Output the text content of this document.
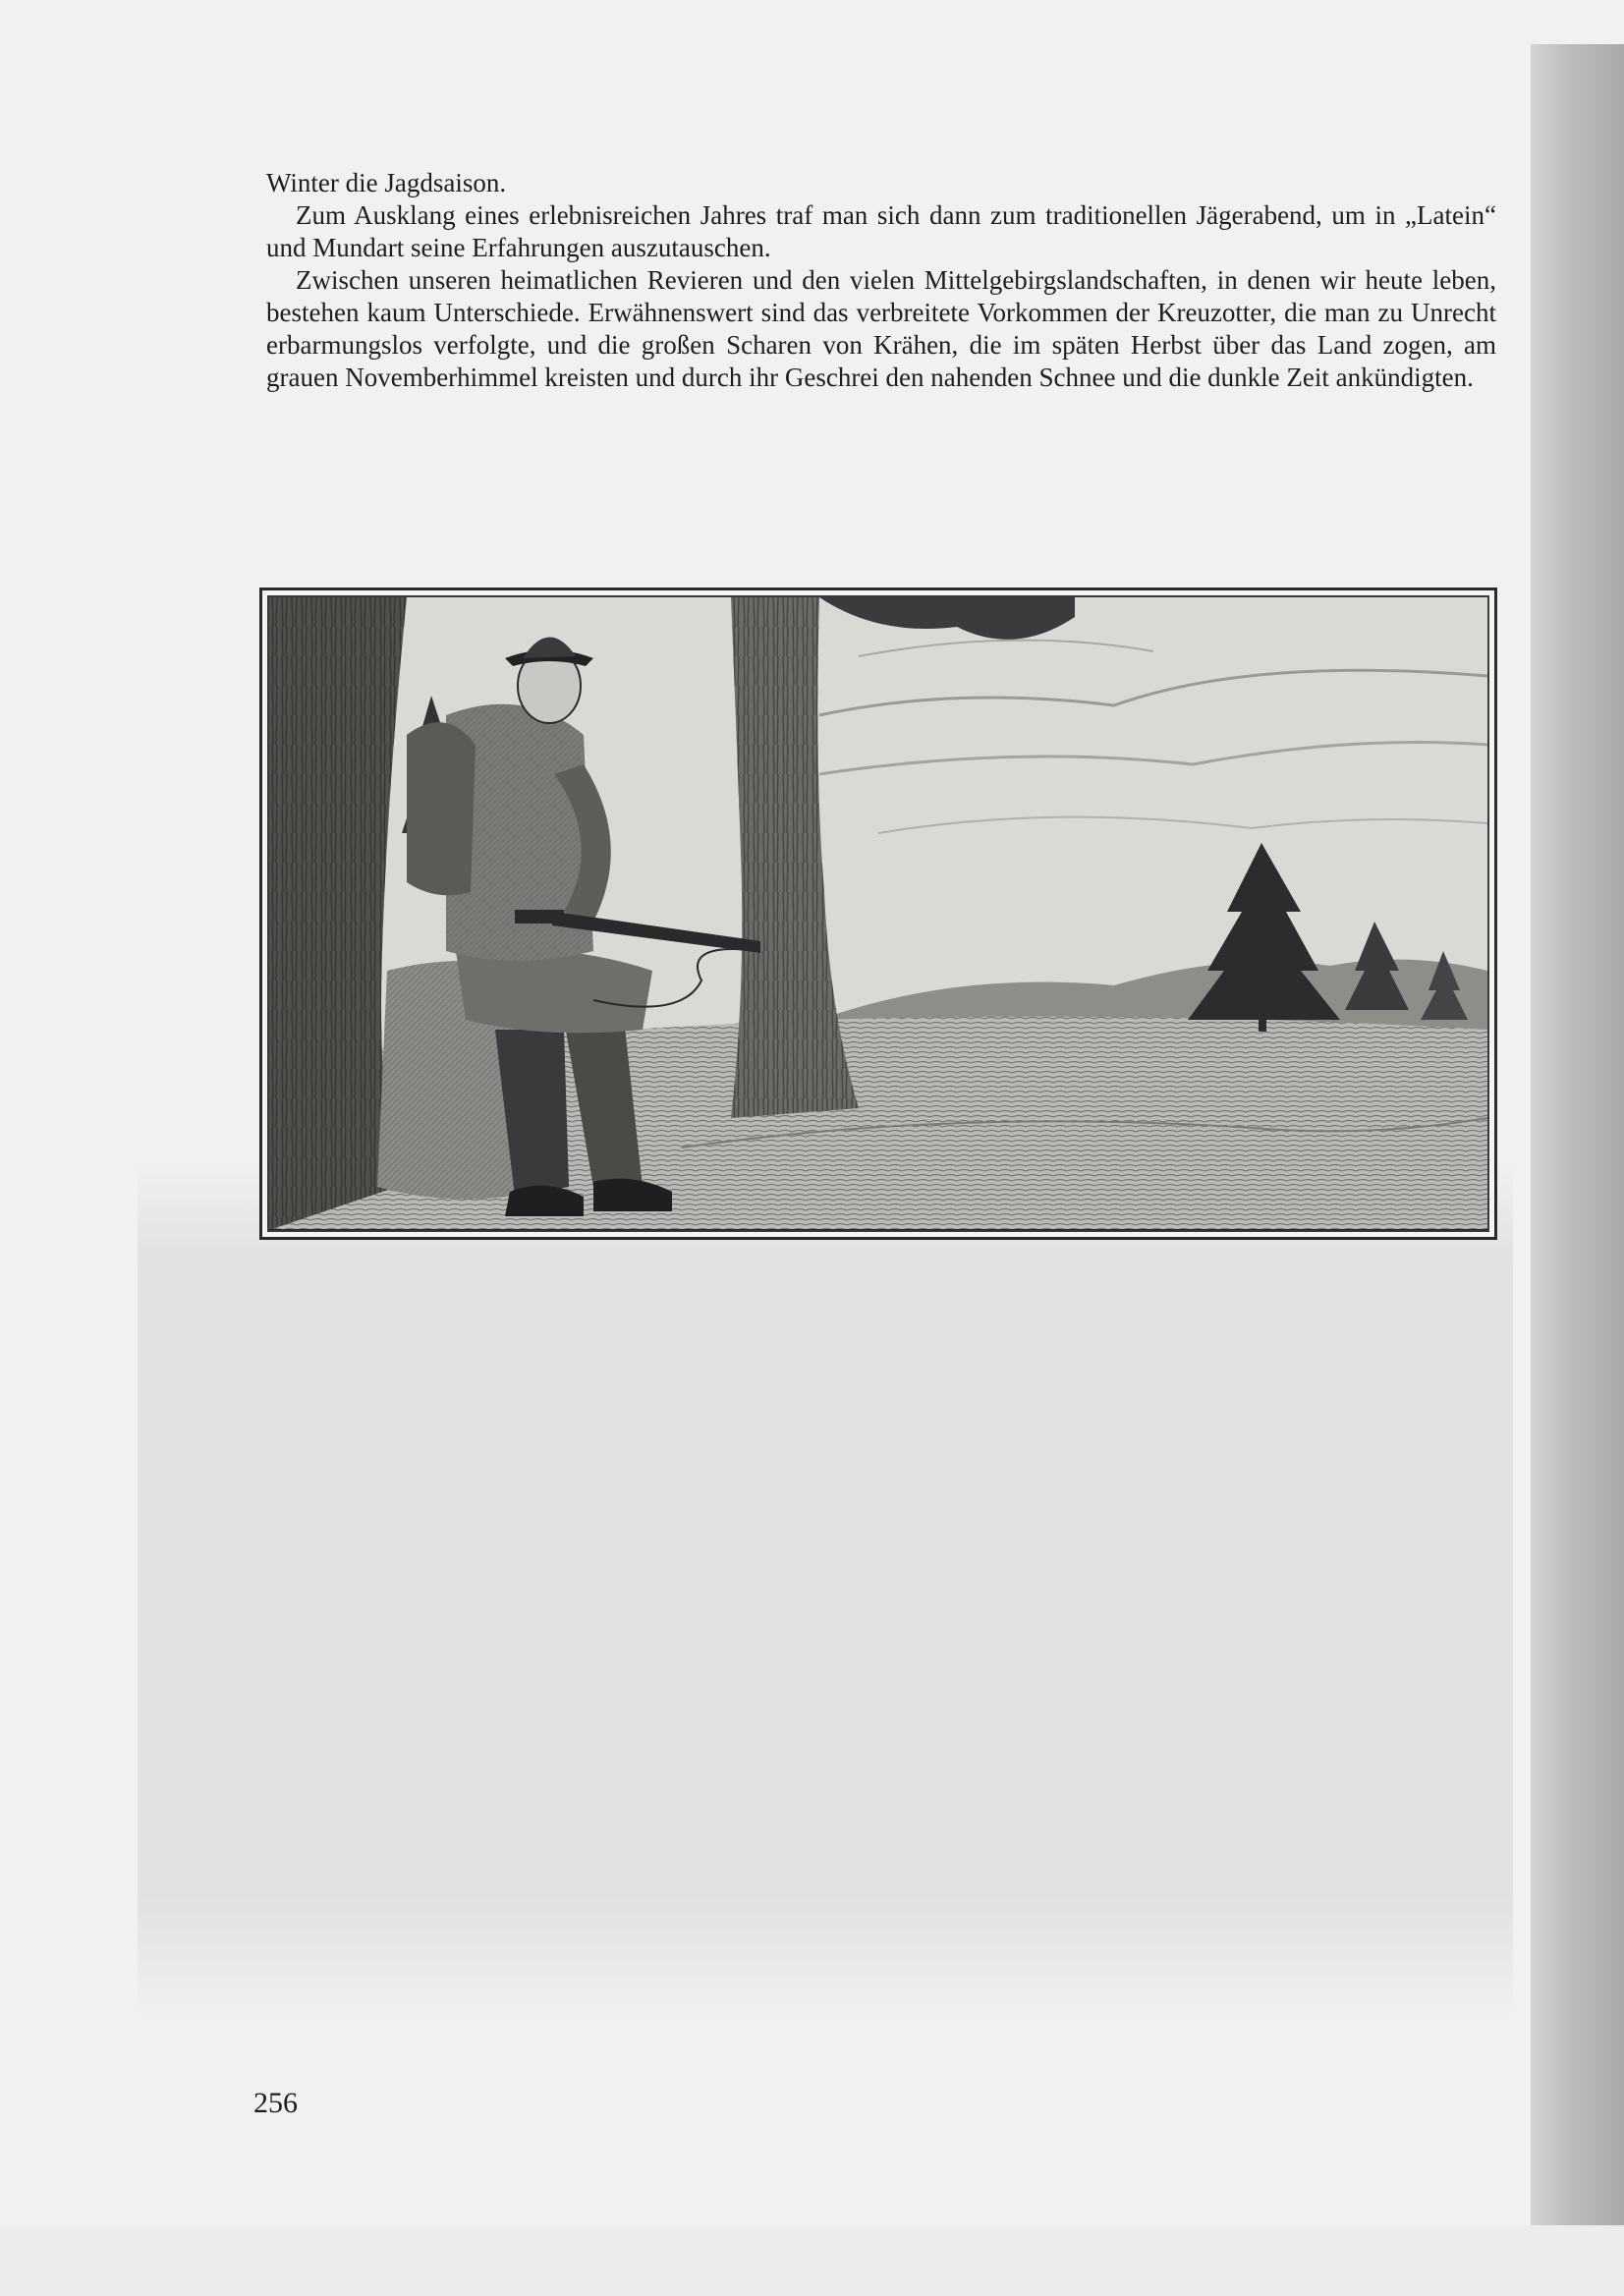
Winter die Jagdsaison.

Zum Ausklang eines erlebnisreichen Jahres traf man sich dann zum traditionellen Jägerabend, um in „Latein“ und Mundart seine Erfahrungen auszutauschen.

Zwischen unseren heimatlichen Revieren und den vielen Mittelgebirgslandschaften, in denen wir heute leben, bestehen kaum Unterschiede. Erwähnenswert sind das verbreitete Vorkommen der Kreuzotter, die man zu Unrecht erbarmungslos verfolgte, und die großen Scharen von Krähen, die im späten Herbst über das Land zogen, am grauen Novemberhimmel kreisten und durch ihr Geschrei den nahenden Schnee und die dunkle Zeit ankündigten.

256
